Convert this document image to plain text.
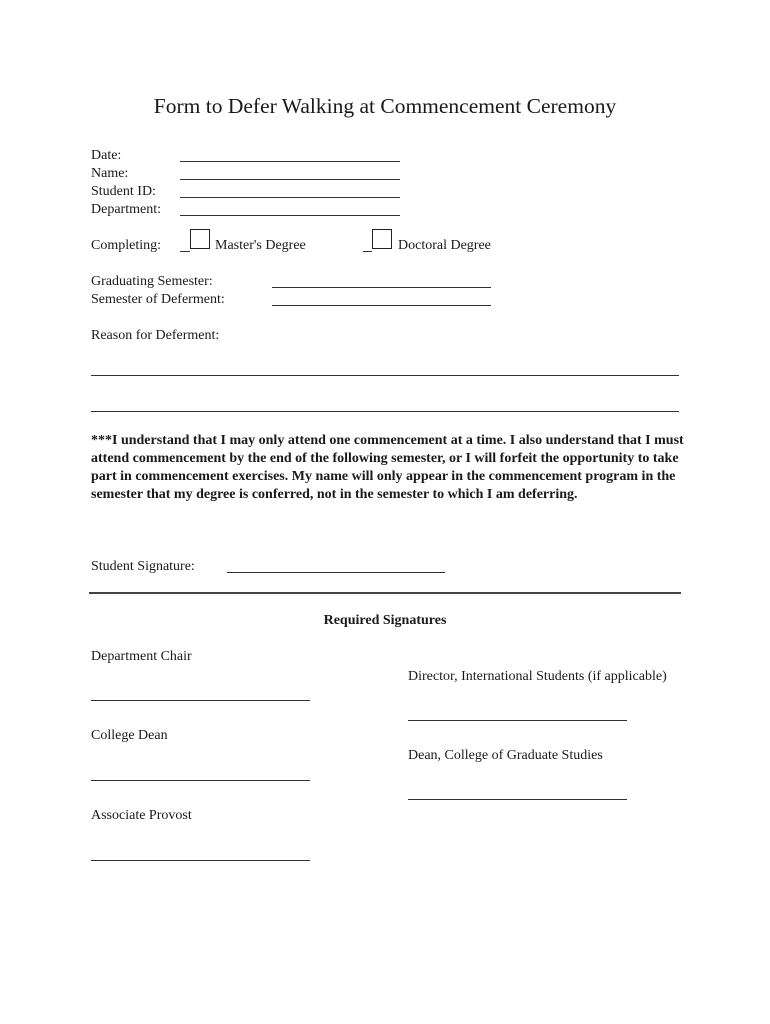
Form to Defer Walking at Commencement Ceremony
Date:
Name:
Student ID:
Department:
Completing:	Master's Degree	Doctoral Degree
Graduating Semester:
Semester of Deferment:
Reason for Deferment:
***I understand that I may only attend one commencement at a time. I also understand that I must attend commencement by the end of the following semester, or I will forfeit the opportunity to take part in commencement exercises. My name will only appear in the commencement program in the semester that my degree is conferred, not in the semester to which I am deferring.
Student Signature:
Required Signatures
Department Chair
Director, International Students (if applicable)
College Dean
Dean, College of Graduate Studies
Associate Provost
